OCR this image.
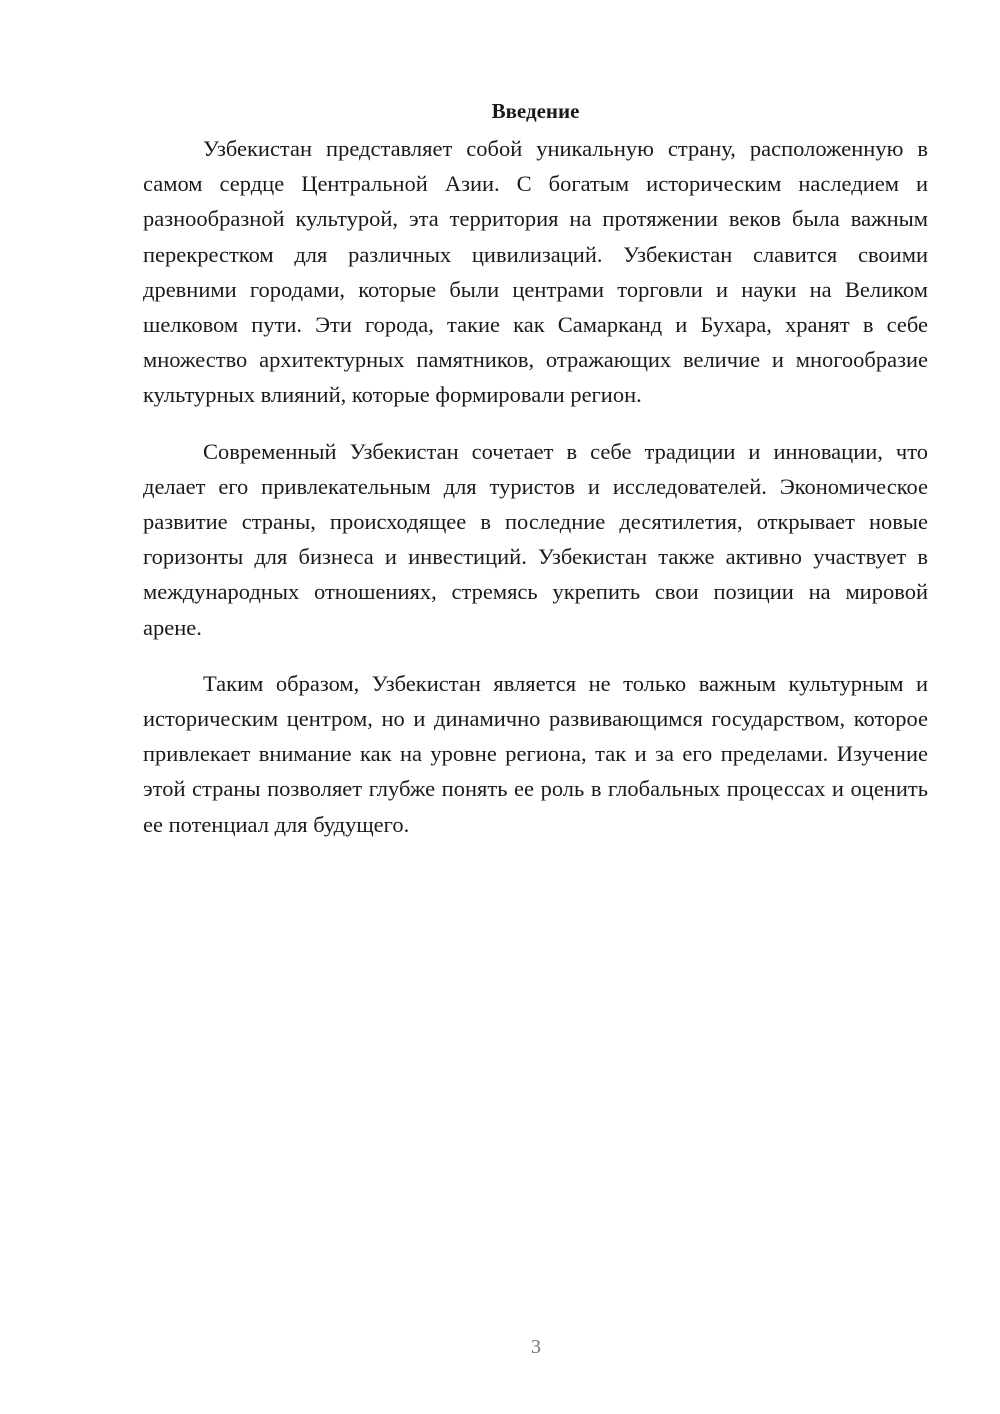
Введение

Узбекистан представляет собой уникальную страну, расположенную в самом сердце Центральной Азии. С богатым историческим наследием и разнообразной культурой, эта территория на протяжении веков была важным перекрестком для различных цивилизаций. Узбекистан славится своими древними городами, которые были центрами торговли и науки на Великом шелковом пути. Эти города, такие как Самарканд и Бухара, хранят в себе множество архитектурных памятников, отражающих величие и многообразие культурных влияний, которые формировали регион.

Современный Узбекистан сочетает в себе традиции и инновации, что делает его привлекательным для туристов и исследователей. Экономическое развитие страны, происходящее в последние десятилетия, открывает новые горизонты для бизнеса и инвестиций. Узбекистан также активно участвует в международных отношениях, стремясь укрепить свои позиции на мировой арене.

Таким образом, Узбекистан является не только важным культурным и историческим центром, но и динамично развивающимся государством, которое привлекает внимание как на уровне региона, так и за его пределами. Изучение этой страны позволяет глубже понять ее роль в глобальных процессах и оценить ее потенциал для будущего.

3
